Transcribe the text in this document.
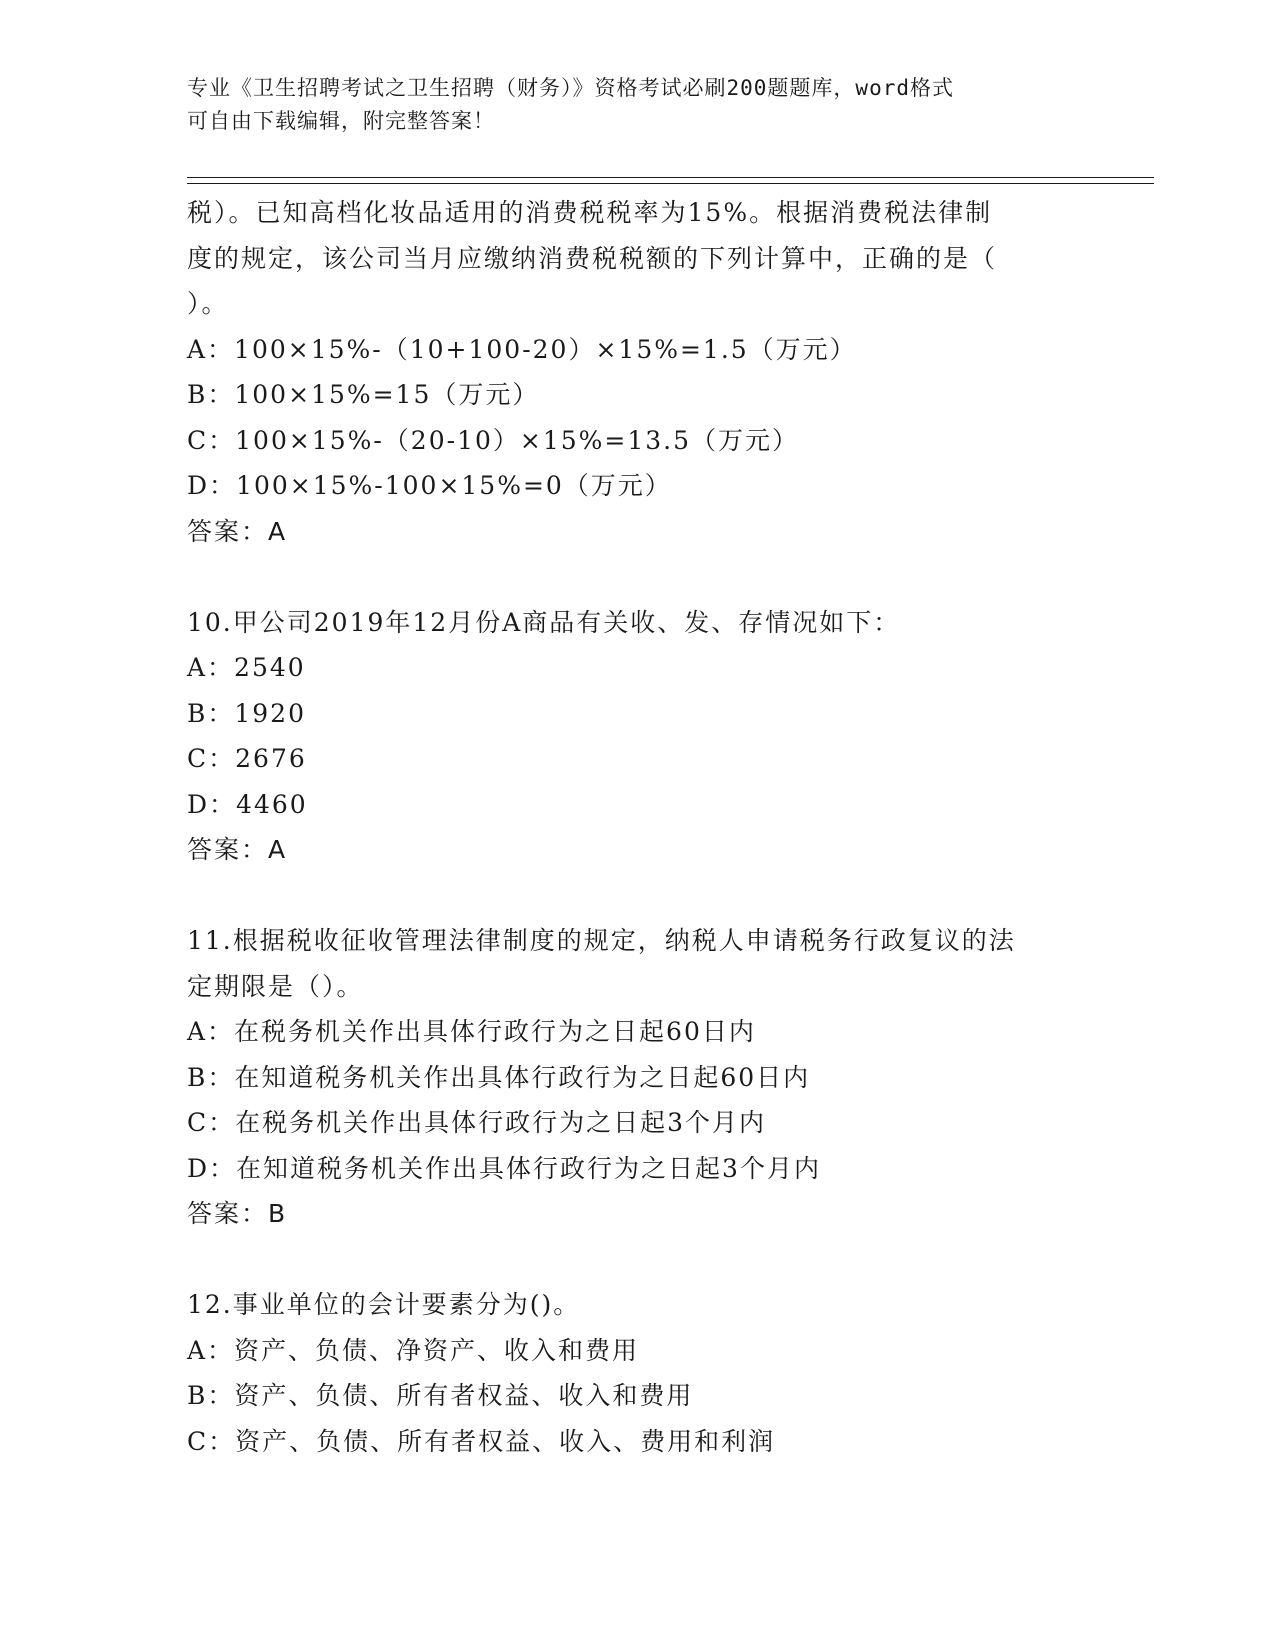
专业《卫生招聘考试之卫生招聘（财务）》资格考试必刷200题题库，word格式
可自由下载编辑，附完整答案！
税）。已知高档化妆品适用的消费税税率为15%。根据消费税法律制
度的规定，该公司当月应缴纳消费税税额的下列计算中，正确的是（
）。
A：100×15%-（10+100-20）×15%=1.5（万元）
B：100×15%=15（万元）
C：100×15%-（20-10）×15%=13.5（万元）
D：100×15%-100×15%=0（万元）
答案：A
10.甲公司2019年12月份A商品有关收、发、存情况如下：
A：2540
B：1920
C：2676
D：4460
答案：A
11.根据税收征收管理法律制度的规定，纳税人申请税务行政复议的法
定期限是（）。
A：在税务机关作出具体行政行为之日起60日内
B：在知道税务机关作出具体行政行为之日起60日内
C：在税务机关作出具体行政行为之日起3个月内
D：在知道税务机关作出具体行政行为之日起3个月内
答案：B
12.事业单位的会计要素分为()。
A：资产、负债、净资产、收入和费用
B：资产、负债、所有者权益、收入和费用
C：资产、负债、所有者权益、收入、费用和利润
